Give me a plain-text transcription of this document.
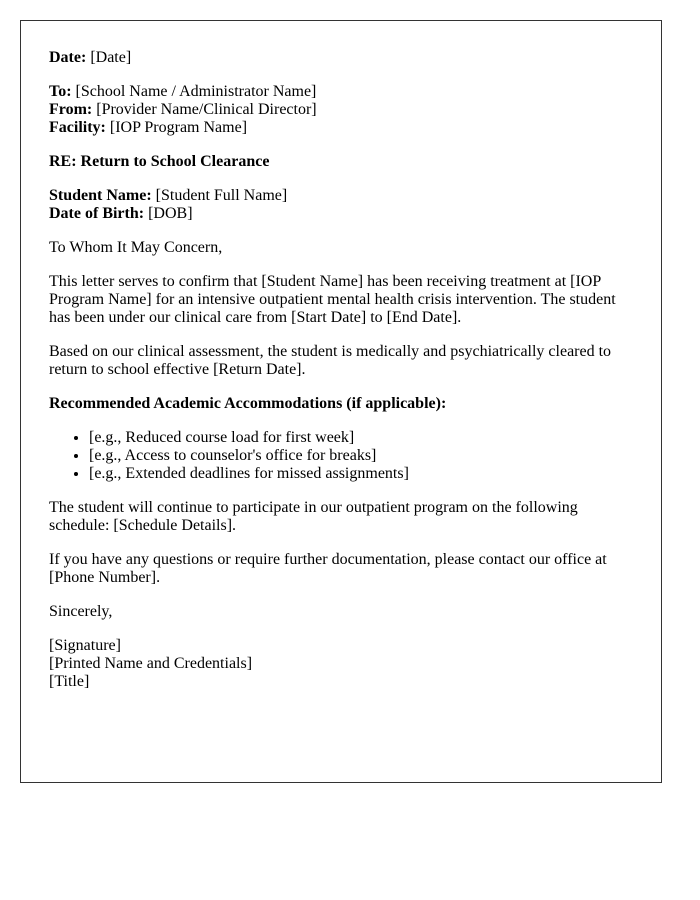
Date: [Date]

To: [School Name / Administrator Name]
From: [Provider Name/Clinical Director]
Facility: [IOP Program Name]

RE: Return to School Clearance

Student Name: [Student Full Name]
Date of Birth: [DOB]

To Whom It May Concern,

This letter serves to confirm that [Student Name] has been receiving treatment at [IOP Program Name] for an intensive outpatient mental health crisis intervention. The student has been under our clinical care from [Start Date] to [End Date].

Based on our clinical assessment, the student is medically and psychiatrically cleared to return to school effective [Return Date].

Recommended Academic Accommodations (if applicable):

• [e.g., Reduced course load for first week]
• [e.g., Access to counselor's office for breaks]
• [e.g., Extended deadlines for missed assignments]

The student will continue to participate in our outpatient program on the following schedule: [Schedule Details].

If you have any questions or require further documentation, please contact our office at [Phone Number].

Sincerely,

[Signature]
[Printed Name and Credentials]
[Title]
